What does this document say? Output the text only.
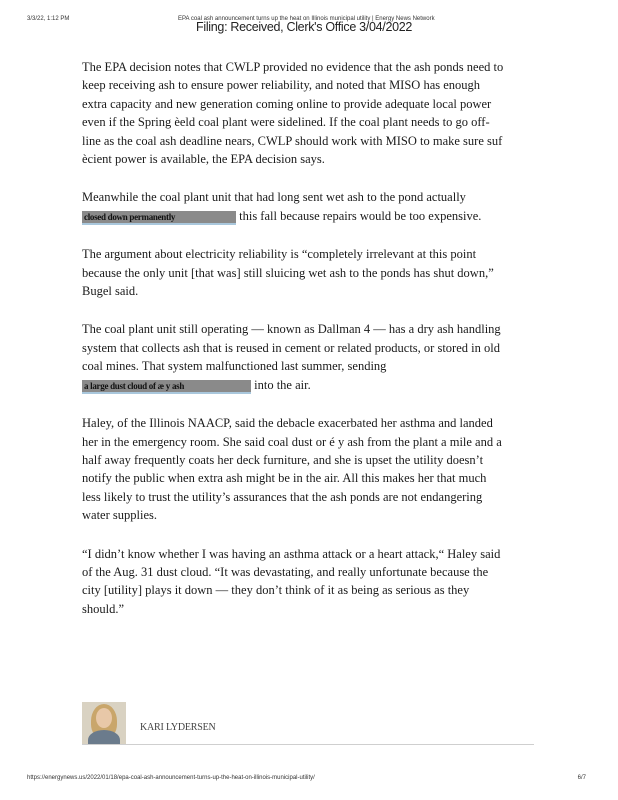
3/3/22, 1:12 PM	EPA coal ash announcement turns up the heat on Illinois municipal utility | Energy News Network
Filing: Received, Clerk's Office 3/04/2022

The EPA decision notes that CWLP provided no evidence that the ash ponds need to keep receiving ash to ensure power reliability, and noted that MISO has enough extra capacity and new generation coming online to provide adequate local power even if the Spring èeld coal plant were sidelined. If the coal plant needs to go off-line as the coal ash deadline nears, CWLP should work with MISO to make sure suf ècient power is available, the EPA decision says.

Meanwhile the coal plant unit that had long sent wet ash to the pond actually closed down permanently	this fall because repairs would be too expensive.

The argument about electricity reliability is “completely irrelevant at this point because the only unit [that was] still sluicing wet ash to the ponds has shut down,” Bugel said.

The coal plant unit still operating — known as Dallman 4 — has a dry ash handling system that collects ash that is reused in cement or related products, or stored in old coal mines. That system malfunctioned last summer, sending a large dust cloud of æ y ash	into the air.

Haley, of the Illinois NAACP, said the debacle exacerbated her asthma and landed her in the emergency room. She said coal dust or é y ash from the plant a mile and a half away frequently coats her deck furniture, and she is upset the utility doesn’t notify the public when extra ash might be in the air. All this makes her that much less likely to trust the utility’s assurances that the ash ponds are not endangering water supplies.

“I didn’t know whether I was having an asthma attack or a heart attack,“ Haley said of the Aug. 31 dust cloud. “It was devastating, and really unfortunate because the city [utility] plays it down — they don’t think of it as being as serious as they should.”

KARI LYDERSEN
https://energynews.us/2022/01/18/epa-coal-ash-announcement-turns-up-the-heat-on-illinois-municipal-utility/	6/7
